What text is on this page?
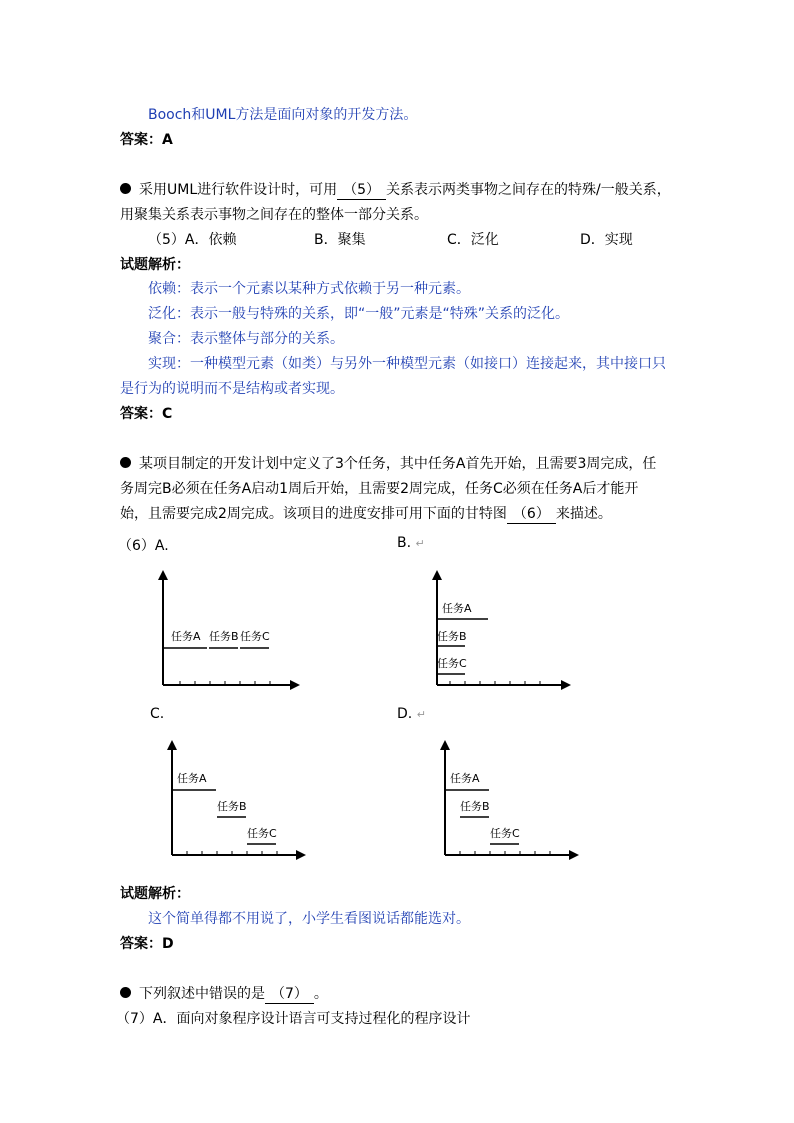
Booch和UML方法是面向对象的开发方法。
答案：A
采用UML进行软件设计时，可用 （5） 关系表示两类事物之间存在的特殊/一般关系，
用聚集关系表示事物之间存在的整体一部分关系。
（5）A．依赖	B．聚集	C．泛化	D．实现
试题解析：
依赖：表示一个元素以某种方式依赖于另一种元素。
泛化：表示一般与特殊的关系，即“一般”元素是“特殊”关系的泛化。
聚合：表示整体与部分的关系。
实现：一种模型元素（如类）与另外一种模型元素（如接口）连接起来，其中接口只
是行为的说明而不是结构或者实现。
答案：C
某项目制定的开发计划中定义了3个任务，其中任务A首先开始，且需要3周完成，任
务周完B必须在任务A启动1周后开始，且需要2周完成，任务C必须在任务A后才能开
始，且需要完成2周完成。该项目的进度安排可用下面的甘特图 （6） 来描述。
（6）A.	B. ↵
C.	D. ↵
任务A 任务B 任务C
任务A
任务B
任务C
任务A
任务B
任务C
任务A
任务B
任务C
试题解析：
这个简单得都不用说了，小学生看图说话都能选对。
答案：D
下列叙述中错误的是 （7） 。
（7）A．面向对象程序设计语言可支持过程化的程序设计
